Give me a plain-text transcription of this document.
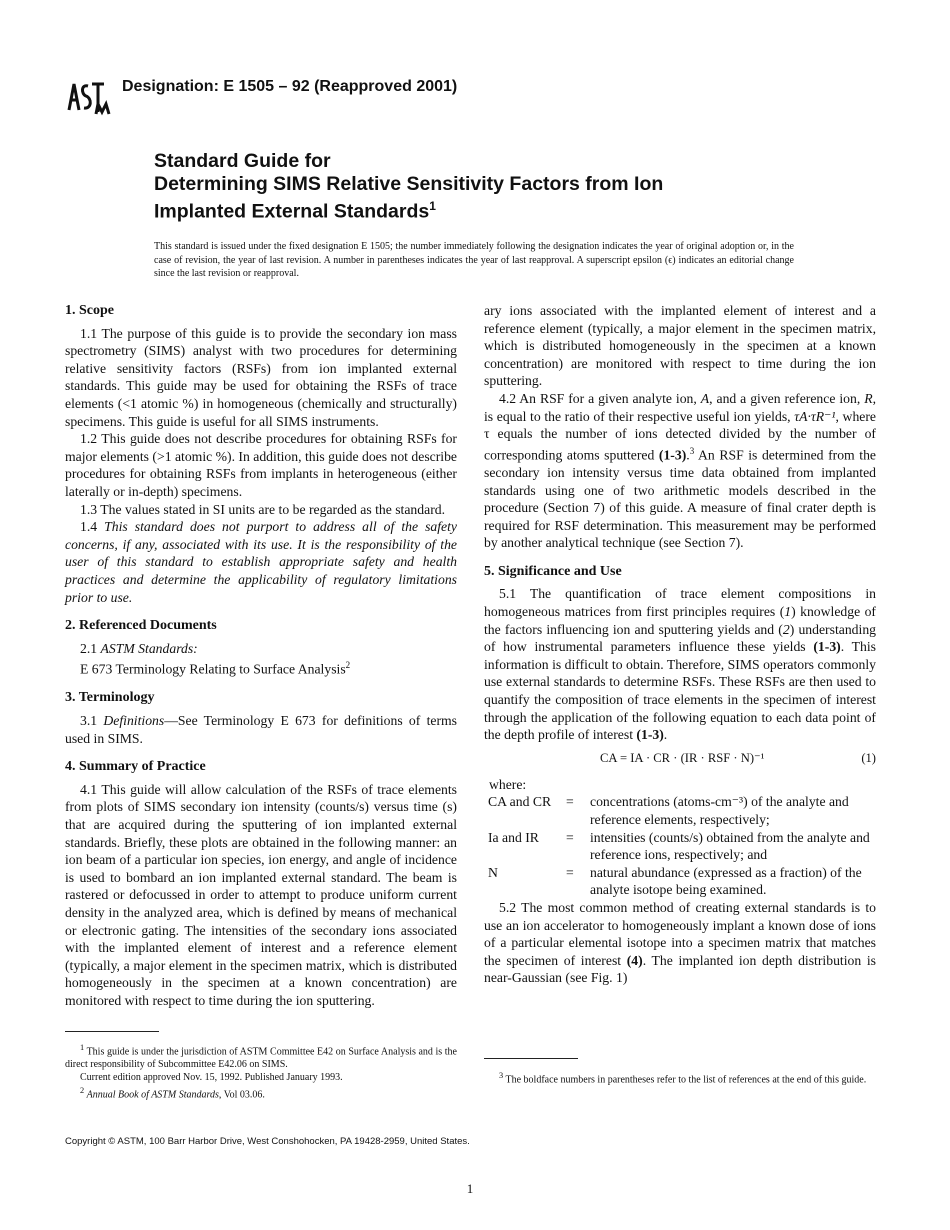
Designation: E 1505 – 92 (Reapproved 2001)
Standard Guide for
Determining SIMS Relative Sensitivity Factors from Ion
Implanted External Standards$^1$
This standard is issued under the fixed designation E 1505; the number immediately following the designation indicates the year of original adoption or, in the case of revision, the year of last revision. A number in parentheses indicates the year of last reapproval. A superscript epsilon (ϵ) indicates an editorial change since the last revision or reapproval.
1. Scope

1.1 The purpose of this guide is to provide the secondary ion mass spectrometry (SIMS) analyst with two procedures for determining relative sensitivity factors (RSFs) from ion implanted external standards. This guide may be used for obtaining the RSFs of trace elements (<1 atomic %) in homogeneous (chemically and structurally) specimens. This guide is useful for all SIMS instruments.

1.2 This guide does not describe procedures for obtaining RSFs for major elements (>1 atomic %). In addition, this guide does not describe procedures for obtaining RSFs from implants in heterogeneous (either laterally or in-depth) specimens.

1.3 The values stated in SI units are to be regarded as the standard.

1.4 This standard does not purport to address all of the safety concerns, if any, associated with its use. It is the responsibility of the user of this standard to establish appropriate safety and health practices and determine the applicability of regulatory limitations prior to use.

2. Referenced Documents

2.1 ASTM Standards:

E 673 Terminology Relating to Surface Analysis$^2$

3. Terminology

3.1 Definitions—See Terminology E 673 for definitions of terms used in SIMS.

4. Summary of Practice

4.1 This guide will allow calculation of the RSFs of trace elements from plots of SIMS secondary ion intensity (counts/s) versus time (s) that are acquired during the sputtering of ion implanted external standards. Briefly, these plots are obtained in the following manner: an ion beam of a particular ion species, ion energy, and angle of incidence is used to bombard an ion implanted external standard. The beam is rastered or defocussed in order to attempt to produce uniform current density in the analyzed area, which is defined by means of mechanical or electronic gating. The intensities of the secondary ions associated with the implanted element of interest and a reference element (typically, a major element in the specimen matrix, which is distributed homogeneously in the specimen at a known concentration) are monitored with respect to time during the ion sputtering.

ary ions associated with the implanted element of interest and a reference element (typically, a major element in the specimen matrix, which is distributed homogeneously in the specimen at a known concentration) are monitored with respect to time during the ion sputtering.

4.2 An RSF for a given analyte ion, A, and a given reference ion, R, is equal to the ratio of their respective useful ion yields, τA·τR⁻¹, where τ equals the number of ions detected divided by the number of corresponding atoms sputtered (1-3).$^3$ An RSF is determined from the secondary ion intensity versus time data obtained from implanted standards using one of two arithmetic models described in the procedure (Section 7) of this guide. A measure of final crater depth is required for RSF determination. This measurement may be performed by another analytical technique (see Section 7).

5. Significance and Use

5.1 The quantification of trace element compositions in homogeneous matrices from first principles requires (1) knowledge of the factors influencing ion and sputtering yields and (2) understanding of how instrumental parameters influence these yields (1-3). This information is difficult to obtain. Therefore, SIMS operators commonly use external standards to determine RSFs. These RSFs are then used to quantify the composition of trace elements in the specimen of interest through the application of the following equation to each data point of the depth profile of interest (1-3).

CA = IA · CR · (IR · RSF · N)⁻¹	(1)
where:
CA and CR	=	concentrations (atoms-cm⁻³) of the analyte and reference elements, respectively;
Ia and IR	=	intensities (counts/s) obtained from the analyte and reference ions, respectively; and
N	=	natural abundance (expressed as a fraction) of the analyte isotope being examined.

5.2 The most common method of creating external standards is to use an ion accelerator to homogeneously implant a known dose of ions of a particular elemental isotope into a specimen matrix that matches the specimen of interest (4). The implanted ion depth distribution is near-Gaussian (see Fig. 1)

$^1$ This guide is under the jurisdiction of ASTM Committee E42 on Surface Analysis and is the direct responsibility of Subcommittee E42.06 on SIMS.

Current edition approved Nov. 15, 1992. Published January 1993.

$^2$ Annual Book of ASTM Standards, Vol 03.06.

$^3$ The boldface numbers in parentheses refer to the list of references at the end of this guide.

Copyright © ASTM, 100 Barr Harbor Drive, West Conshohocken, PA 19428-2959, United States.
1
